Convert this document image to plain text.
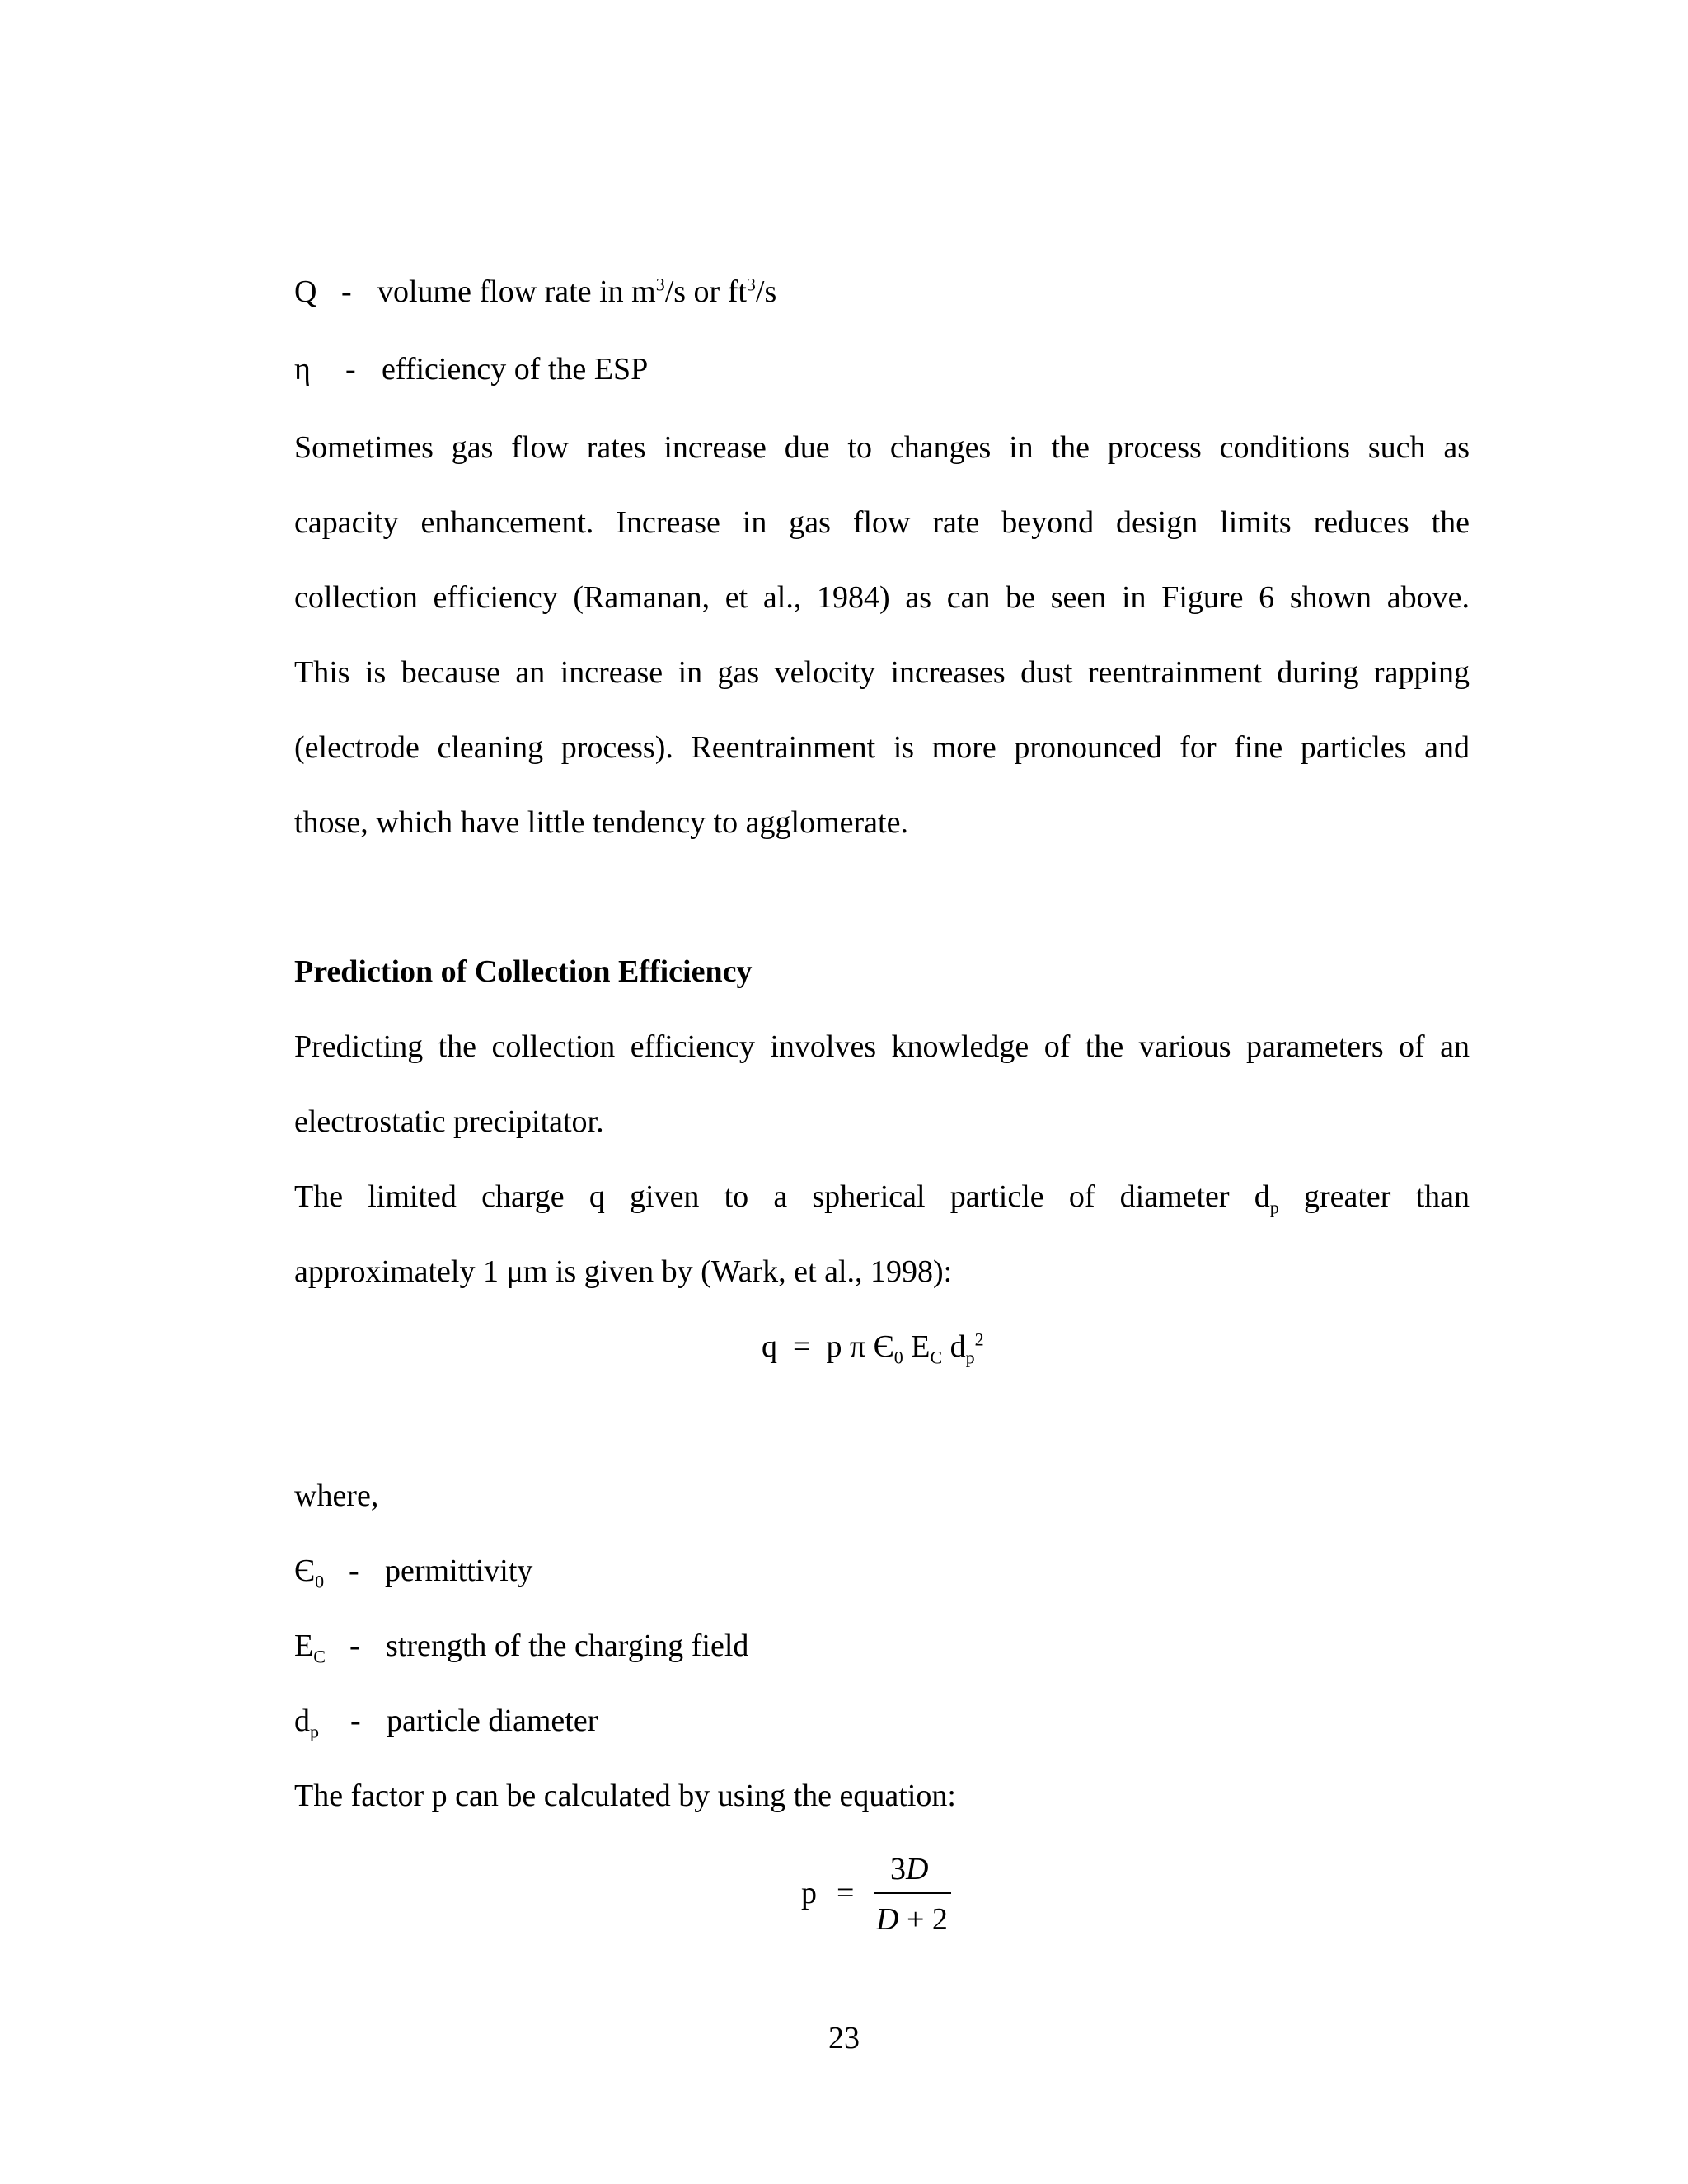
Q - volume flow rate in $m^3/s$ or $ft^3/s$
η - efficiency of the ESP
Sometimes gas flow rates increase due to changes in the process conditions such as
capacity enhancement. Increase in gas flow rate beyond design limits reduces the
collection efficiency (Ramanan, et al., 1984) as can be seen in Figure 6 shown above.
This is because an increase in gas velocity increases dust reentrainment during rapping
(electrode cleaning process). Reentrainment is more pronounced for fine particles and
those, which have little tendency to agglomerate.
Prediction of Collection Efficiency
Predicting the collection efficiency involves knowledge of the various parameters of an
electrostatic precipitator.
The limited charge q given to a spherical particle of diameter $d_p$ greater than
approximately 1 μm is given by (Wark, et al., 1998):
q = p π $Є_0$ $E_C$ $d_p^2$
where,
$Є_0$ - permittivity
$E_C$ - strength of the charging field
$d_p$ - particle diameter
The factor p can be calculated by using the equation:
p =
3D
D + 2
23
